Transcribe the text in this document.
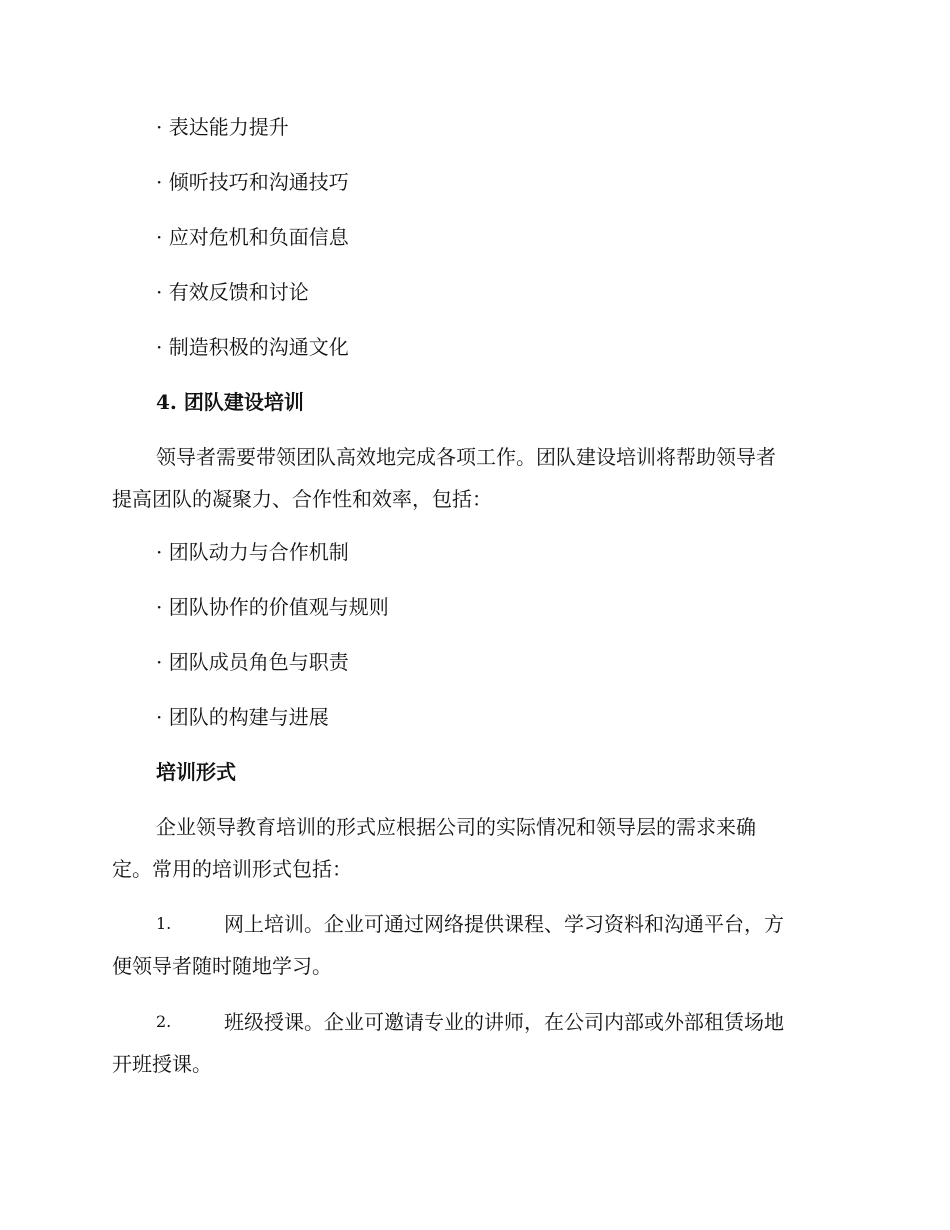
· 表达能力提升
· 倾听技巧和沟通技巧
· 应对危机和负面信息
· 有效反馈和讨论
· 制造积极的沟通文化
4. 团队建设培训
领导者需要带领团队高效地完成各项工作。团队建设培训将帮助领导者
提高团队的凝聚力、合作性和效率，包括：
· 团队动力与合作机制
· 团队协作的价值观与规则
· 团队成员角色与职责
· 团队的构建与进展
培训形式
企业领导教育培训的形式应根据公司的实际情况和领导层的需求来确
定。常用的培训形式包括：
1.	网上培训。企业可通过网络提供课程、学习资料和沟通平台，方
便领导者随时随地学习。
2.	班级授课。企业可邀请专业的讲师，在公司内部或外部租赁场地
开班授课。
